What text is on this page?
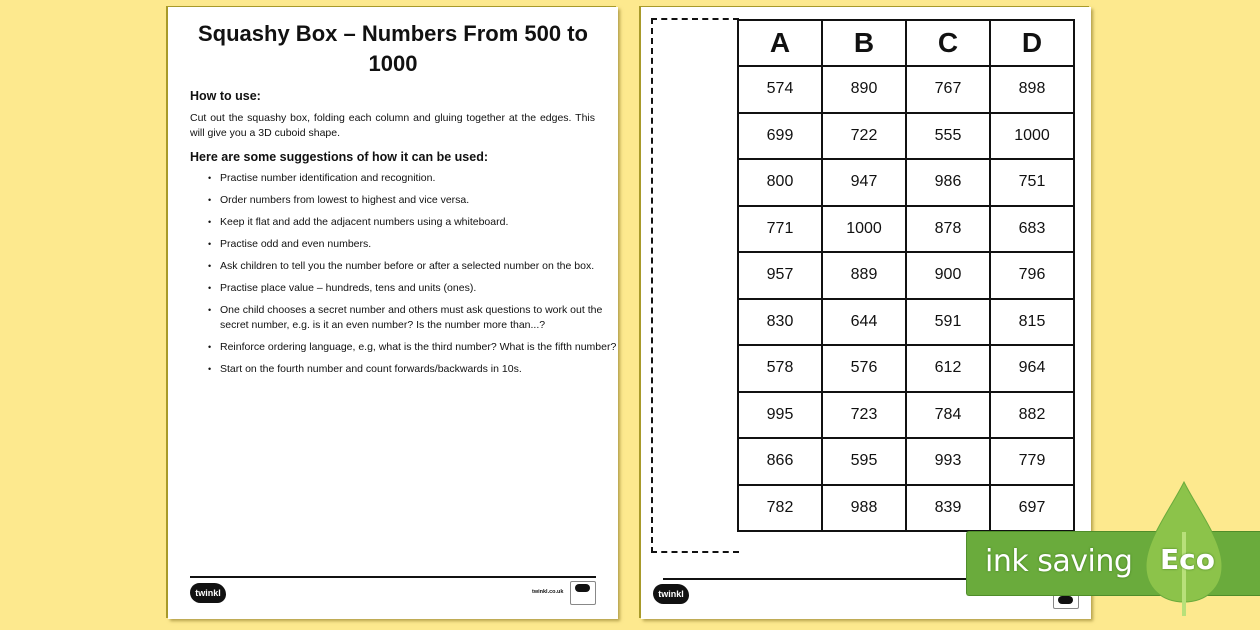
Squashy Box – Numbers From 500 to 1000
How to use:
Cut out the squashy box, folding each column and gluing together at the edges. This will give you a 3D cuboid shape.
Here are some suggestions of how it can be used:
• Practise number identification and recognition.
• Order numbers from lowest to highest and vice versa.
• Keep it flat and add the adjacent numbers using a whiteboard.
• Practise odd and even numbers.
• Ask children to tell you the number before or after a selected number on the box.
• Practise place value – hundreds, tens and units (ones).
• One child chooses a secret number and others must ask questions to work out the secret number, e.g. is it an even number? Is the number more than...?
• Reinforce ordering language, e.g, what is the third number? What is the fifth number?
• Start on the fourth number and count forwards/backwards in 10s.
twinkl	twinkl.co.uk
A	B	C	D
574	890	767	898
699	722	555	1000
800	947	986	751
771	1000	878	683
957	889	900	796
830	644	591	815
578	576	612	964
995	723	784	882
866	595	993	779
782	988	839	697
twinkl
ink saving Eco
